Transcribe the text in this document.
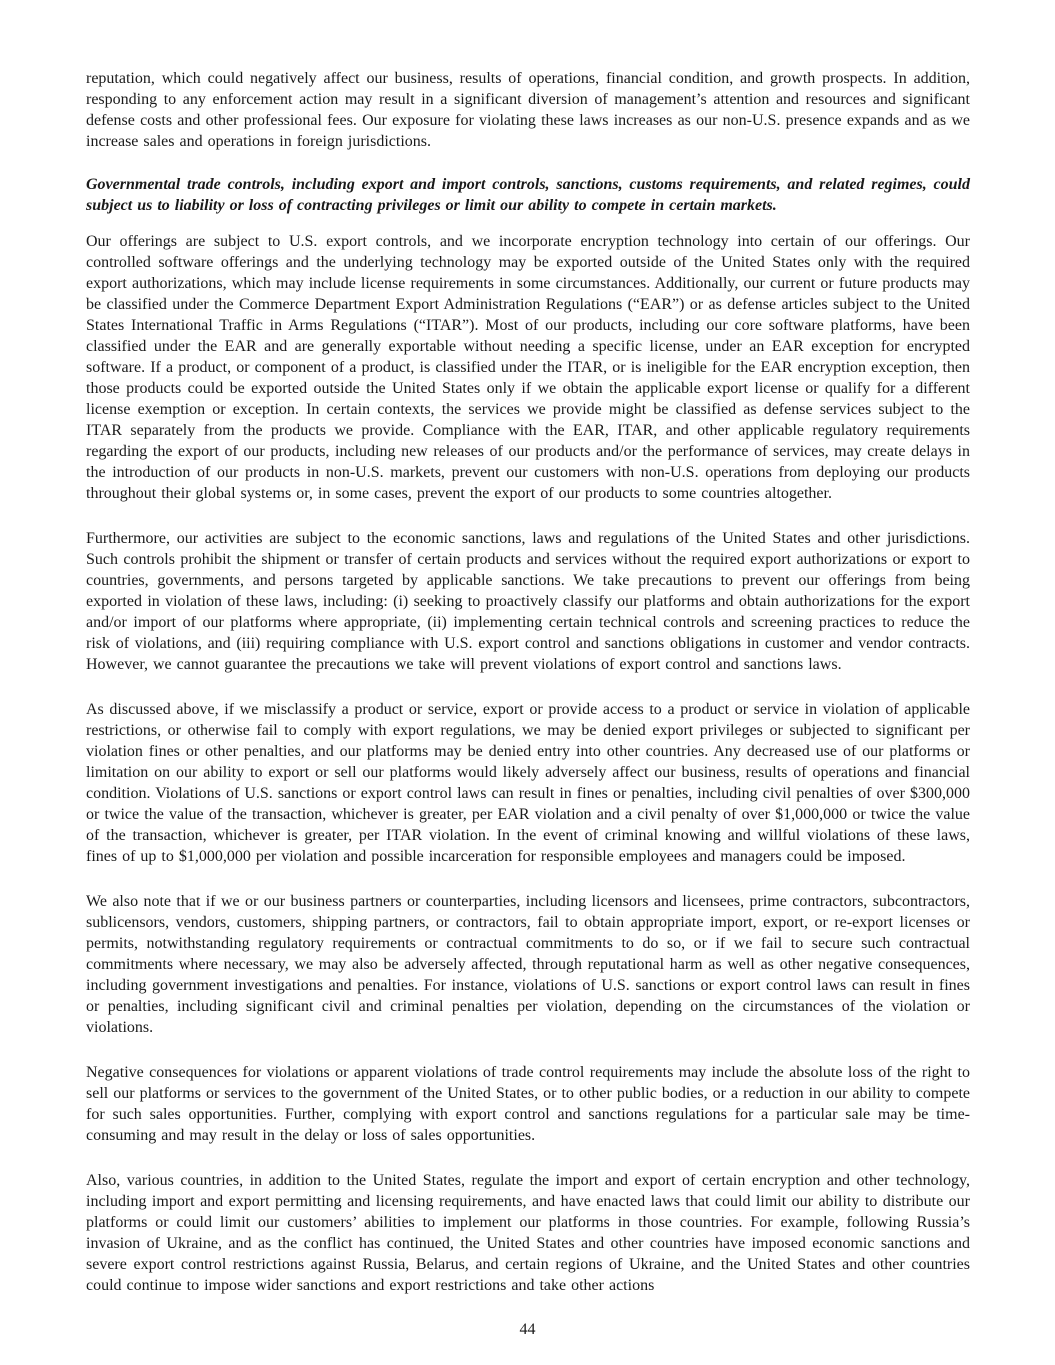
reputation, which could negatively affect our business, results of operations, financial condition, and growth prospects. In addition, responding to any enforcement action may result in a significant diversion of management’s attention and resources and significant defense costs and other professional fees. Our exposure for violating these laws increases as our non-U.S. presence expands and as we increase sales and operations in foreign jurisdictions.

Governmental trade controls, including export and import controls, sanctions, customs requirements, and related regimes, could subject us to liability or loss of contracting privileges or limit our ability to compete in certain markets.

Our offerings are subject to U.S. export controls, and we incorporate encryption technology into certain of our offerings. Our controlled software offerings and the underlying technology may be exported outside of the United States only with the required export authorizations, which may include license requirements in some circumstances. Additionally, our current or future products may be classified under the Commerce Department Export Administration Regulations (“EAR”) or as defense articles subject to the United States International Traffic in Arms Regulations (“ITAR”). Most of our products, including our core software platforms, have been classified under the EAR and are generally exportable without needing a specific license, under an EAR exception for encrypted software. If a product, or component of a product, is classified under the ITAR, or is ineligible for the EAR encryption exception, then those products could be exported outside the United States only if we obtain the applicable export license or qualify for a different license exemption or exception. In certain contexts, the services we provide might be classified as defense services subject to the ITAR separately from the products we provide. Compliance with the EAR, ITAR, and other applicable regulatory requirements regarding the export of our products, including new releases of our products and/or the performance of services, may create delays in the introduction of our products in non-U.S. markets, prevent our customers with non-U.S. operations from deploying our products throughout their global systems or, in some cases, prevent the export of our products to some countries altogether.

Furthermore, our activities are subject to the economic sanctions, laws and regulations of the United States and other jurisdictions. Such controls prohibit the shipment or transfer of certain products and services without the required export authorizations or export to countries, governments, and persons targeted by applicable sanctions. We take precautions to prevent our offerings from being exported in violation of these laws, including: (i) seeking to proactively classify our platforms and obtain authorizations for the export and/or import of our platforms where appropriate, (ii) implementing certain technical controls and screening practices to reduce the risk of violations, and (iii) requiring compliance with U.S. export control and sanctions obligations in customer and vendor contracts. However, we cannot guarantee the precautions we take will prevent violations of export control and sanctions laws.

As discussed above, if we misclassify a product or service, export or provide access to a product or service in violation of applicable restrictions, or otherwise fail to comply with export regulations, we may be denied export privileges or subjected to significant per violation fines or other penalties, and our platforms may be denied entry into other countries. Any decreased use of our platforms or limitation on our ability to export or sell our platforms would likely adversely affect our business, results of operations and financial condition. Violations of U.S. sanctions or export control laws can result in fines or penalties, including civil penalties of over $300,000 or twice the value of the transaction, whichever is greater, per EAR violation and a civil penalty of over $1,000,000 or twice the value of the transaction, whichever is greater, per ITAR violation. In the event of criminal knowing and willful violations of these laws, fines of up to $1,000,000 per violation and possible incarceration for responsible employees and managers could be imposed.

We also note that if we or our business partners or counterparties, including licensors and licensees, prime contractors, subcontractors, sublicensors, vendors, customers, shipping partners, or contractors, fail to obtain appropriate import, export, or re-export licenses or permits, notwithstanding regulatory requirements or contractual commitments to do so, or if we fail to secure such contractual commitments where necessary, we may also be adversely affected, through reputational harm as well as other negative consequences, including government investigations and penalties. For instance, violations of U.S. sanctions or export control laws can result in fines or penalties, including significant civil and criminal penalties per violation, depending on the circumstances of the violation or violations.

Negative consequences for violations or apparent violations of trade control requirements may include the absolute loss of the right to sell our platforms or services to the government of the United States, or to other public bodies, or a reduction in our ability to compete for such sales opportunities. Further, complying with export control and sanctions regulations for a particular sale may be time-consuming and may result in the delay or loss of sales opportunities.

Also, various countries, in addition to the United States, regulate the import and export of certain encryption and other technology, including import and export permitting and licensing requirements, and have enacted laws that could limit our ability to distribute our platforms or could limit our customers’ abilities to implement our platforms in those countries. For example, following Russia’s invasion of Ukraine, and as the conflict has continued, the United States and other countries have imposed economic sanctions and severe export control restrictions against Russia, Belarus, and certain regions of Ukraine, and the United States and other countries could continue to impose wider sanctions and export restrictions and take other actions

44
